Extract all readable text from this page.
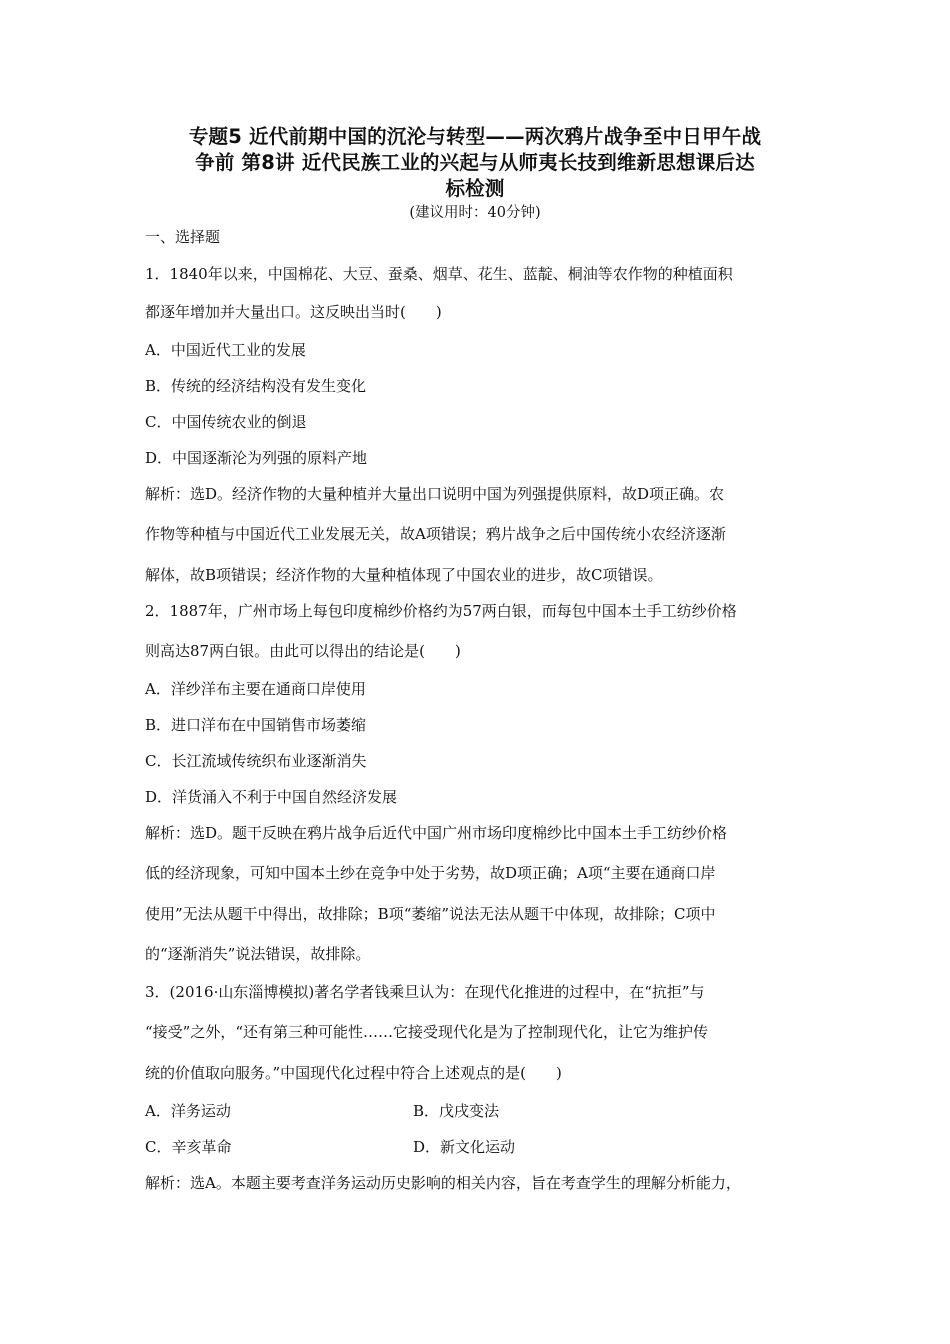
专题5 近代前期中国的沉沦与转型——两次鸦片战争至中日甲午战
争前 第8讲 近代民族工业的兴起与从师夷长技到维新思想课后达
标检测
(建议用时：40分钟)
一、选择题
1．1840年以来，中国棉花、大豆、蚕桑、烟草、花生、蓝靛、桐油等农作物的种植面积
都逐年增加并大量出口。这反映出当时(　　)
A．中国近代工业的发展
B．传统的经济结构没有发生变化
C．中国传统农业的倒退
D．中国逐渐沦为列强的原料产地
解析：选D。经济作物的大量种植并大量出口说明中国为列强提供原料，故D项正确。农
作物等种植与中国近代工业发展无关，故A项错误；鸦片战争之后中国传统小农经济逐渐
解体，故B项错误；经济作物的大量种植体现了中国农业的进步，故C项错误。
2．1887年，广州市场上每包印度棉纱价格约为57两白银，而每包中国本土手工纺纱价格
则高达87两白银。由此可以得出的结论是(　　)
A．洋纱洋布主要在通商口岸使用
B．进口洋布在中国销售市场萎缩
C．长江流域传统织布业逐渐消失
D．洋货涌入不利于中国自然经济发展
解析：选D。题干反映在鸦片战争后近代中国广州市场印度棉纱比中国本土手工纺纱价格
低的经济现象，可知中国本土纱在竞争中处于劣势，故D项正确；A项“主要在通商口岸
使用”无法从题干中得出，故排除；B项“萎缩”说法无法从题干中体现，故排除；C项中
的“逐渐消失”说法错误，故排除。
3．(2016·山东淄博模拟)著名学者钱乘旦认为：在现代化推进的过程中，在“抗拒”与
“接受”之外，“还有第三种可能性……它接受现代化是为了控制现代化，让它为维护传
统的价值取向服务。”中国现代化过程中符合上述观点的是(　　)
A．洋务运动	B．戊戌变法
C．辛亥革命	D．新文化运动
解析：选A。本题主要考查洋务运动历史影响的相关内容，旨在考查学生的理解分析能力，
